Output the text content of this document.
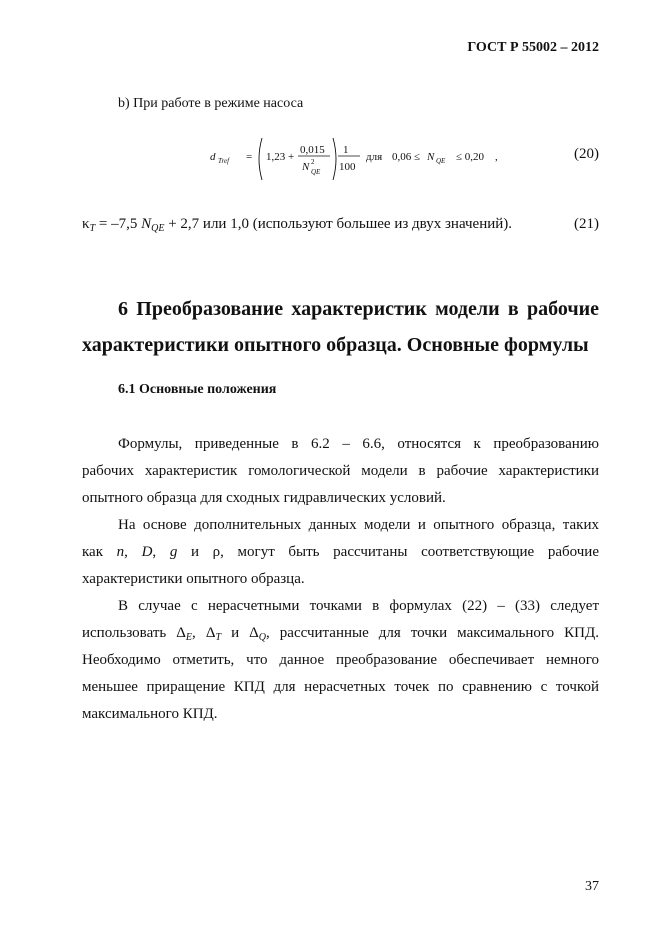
ГОСТ Р 55002 – 2012
b) При работе в режиме насоса
d Tref = 1,23 +
0,015
N 2
QE
1
100
для 0,06 ≤ N QE ≤ 0,20 ,	(20)
$\kappa_T = -7,5$ $N_{QE} + 2,7$ или 1,0 (используют большее из двух значений).	(21)
6 Преобразование характеристик модели в рабочие
характеристики опытного образца. Основные формулы
6.1 Основные положения
Формулы, приведенные в 6.2 – 6.6, относятся к преобразованию
рабочих характеристик гомологической модели в рабочие характеристики
опытного образца для сходных гидравлических условий.
На основе дополнительных данных модели и опытного образца, таких
как n, D, g и ρ, могут быть рассчитаны соответствующие рабочие
характеристики опытного образца.
В случае с нерасчетными точками в формулах (22) – (33) следует
использовать $\Delta_E$, $\Delta_T$ и $\Delta_Q$, рассчитанные для точки максимального КПД.
Необходимо отметить, что данное преобразование обеспечивает немного
меньшее приращение КПД для нерасчетных точек по сравнению с точкой
максимального КПД.
37
